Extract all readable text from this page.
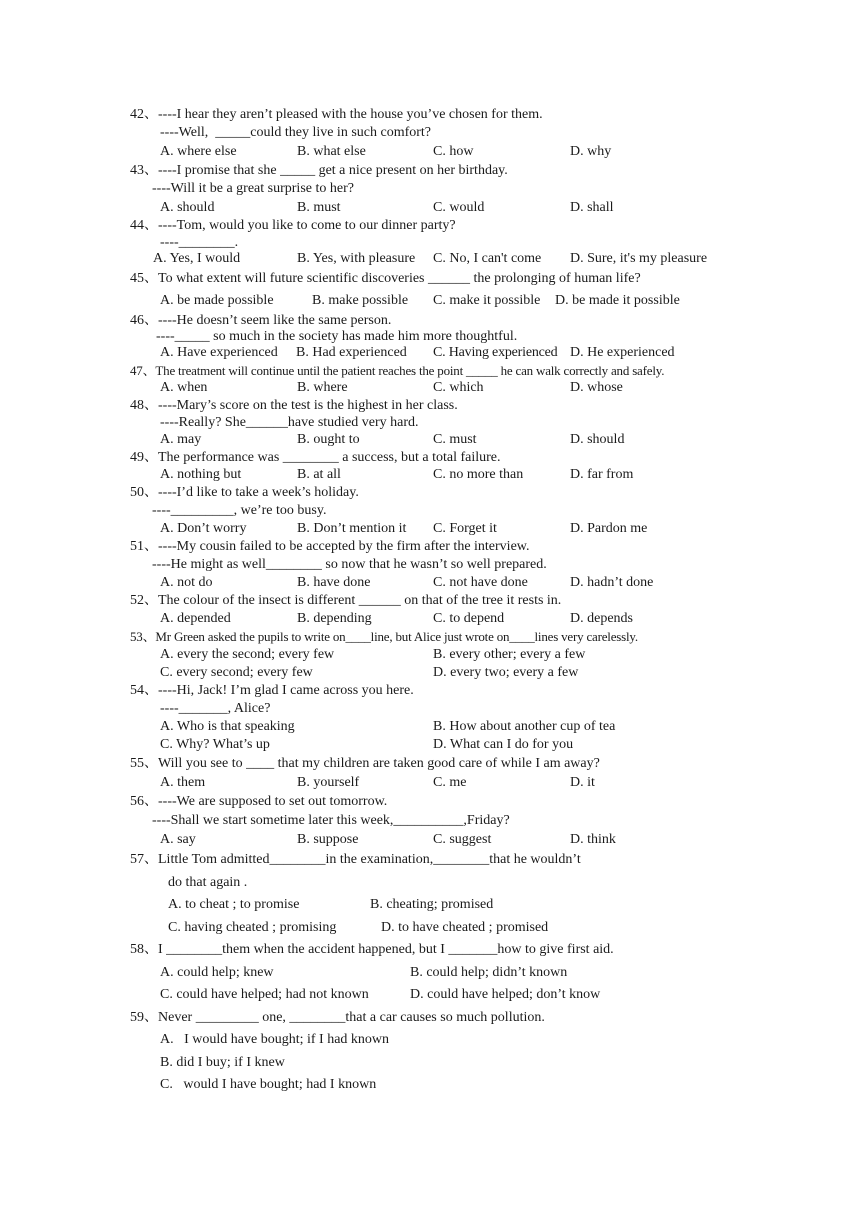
42、----I hear they aren’t pleased with the house you’ve chosen for them.
----Well,  _____could they live in such comfort?
A. where else	B. what else	C. how	D. why
43、----I promise that she _____ get a nice present on her birthday.
----Will it be a great surprise to her?
A. should	B. must	C. would	D. shall
44、----Tom, would you like to come to our dinner party?
----________.
A. Yes, I would	B. Yes, with pleasure C. No, I can't come D. Sure, it's my pleasure
45、To what extent will future scientific discoveries ______ the prolonging of human life?
A. be made possible	B. make possible C. make it possible D. be made it possible
46、----He doesn’t seem like the same person.
----_____ so much in the society has made him more thoughtful.
A. Have experienced B. Had experienced C. Having experienced D. He experienced
47、The treatment will continue until the patient reaches the point _____ he can walk correctly and safely.
A. when	B. where	C. which	D. whose
48、----Mary’s score on the test is the highest in her class.
----Really? She______have studied very hard.
A. may	B. ought to	C. must	D. should
49、The performance was ________ a success, but a total failure.
A. nothing but	B. at all	C. no more than	D. far from
50、----I’d like to take a week’s holiday.
----_________, we’re too busy.
A. Don’t worry	B. Don’t mention it C. Forget it	D. Pardon me
51、----My cousin failed to be accepted by the firm after the interview.
----He might as well________ so now that he wasn’t so well prepared.
A. not do	B. have done	C. not have done	D. hadn’t done
52、The colour of the insect is different ______ on that of the tree it rests in.
A. depended	B. depending	C. to depend	D. depends
53、Mr Green asked the pupils to write on____line, but Alice just wrote on____lines very carelessly.
A. every the second; every few	B. every other; every a few
C. every second; every few	D. every two; every a few
54、----Hi, Jack! I’m glad I came across you here.
----_______, Alice?
A. Who is that speaking	B. How about another cup of tea
C. Why? What’s up	D. What can I do for you
55、Will you see to ____ that my children are taken good care of while I am away?
A. them	B. yourself	C. me	D. it
56、----We are supposed to set out tomorrow.
----Shall we start sometime later this week,__________,Friday?
A. say	B. suppose	C. suggest	D. think
57、Little Tom admitted________in the examination,________that he wouldn’t
do that again .
A. to cheat ; to promise	B. cheating; promised
C. having cheated ; promising	D. to have cheated ; promised
58、I ________them when the accident happened, but I _______how to give first aid.
A. could help; knew	B. could help; didn’t known
C. could have helped; had not known	D. could have helped; don’t know
59、Never _________ one, ________that a car causes so much pollution.
A.   I would have bought; if I had known
B. did I buy; if I knew
C.   would I have bought; had I known
